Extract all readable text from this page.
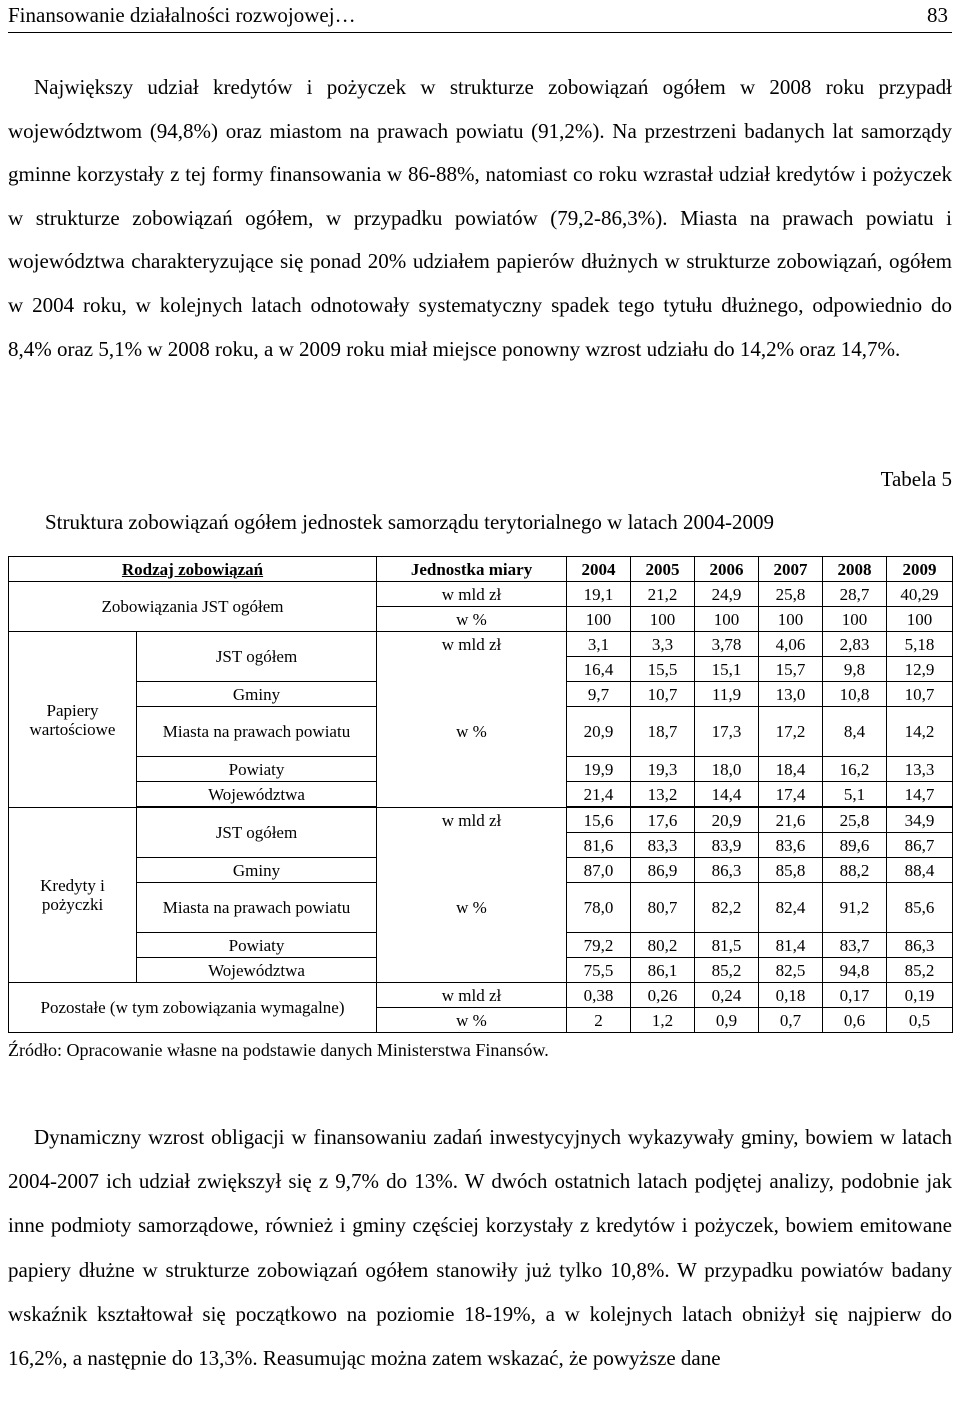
Finansowanie działalności rozwojowej…	83

Największy udział kredytów i pożyczek w strukturze zobowiązań ogółem w 2008 roku przypadł województwom (94,8%) oraz miastom na prawach powiatu (91,2%). Na przestrzeni badanych lat samorządy gminne korzystały z tej formy finansowania w 86-88%, natomiast co roku wzrastał udział kredytów i pożyczek w strukturze zobowiązań ogółem, w przypadku powiatów (79,2-86,3%). Miasta na prawach powiatu i województwa charakteryzujące się ponad 20% udziałem papierów dłużnych w strukturze zobowiązań, ogółem w 2004 roku, w kolejnych latach odnotowały systematyczny spadek tego tytułu dłużnego, odpowiednio do 8,4% oraz 5,1% w 2008 roku, a w 2009 roku miał miejsce ponowny wzrost udziału do 14,2% oraz 14,7%.

Tabela 5
Struktura zobowiązań ogółem jednostek samorządu terytorialnego w latach 2004-2009
Rodzaj zobowiązań		Jednostka miary	2004	2005	2006	2007	2008	2009
Zobowiązania JST ogółem		w mld zł	19,1	21,2	24,9	25,8	28,7	40,29
		w %	100	100	100	100	100	100
Papiery wartościowe	JST ogółem	w mld zł	3,1	3,3	3,78	4,06	2,83	5,18
		w %	16,4	15,5	15,1	15,7	9,8	12,9
	Gminy		9,7	10,7	11,9	13,0	10,8	10,7
	Miasta na prawach powiatu		20,9	18,7	17,3	17,2	8,4	14,2
	Powiaty		19,9	19,3	18,0	18,4	16,2	13,3
	Województwa		21,4	13,2	14,4	17,4	5,1	14,7

Kredyty i pożyczki	JST ogółem	w mld zł	15,6	17,6	20,9	21,6	25,8	34,9
		w %	81,6	83,3	83,9	83,6	89,6	86,7
	Gminy		87,0	86,9	86,3	85,8	88,2	88,4
	Miasta na prawach powiatu		78,0	80,7	82,2	82,4	91,2	85,6
	Powiaty		79,2	80,2	81,5	81,4	83,7	86,3
	Województwa		75,5	86,1	85,2	82,5	94,8	85,2
Pozostałe (w tym zobowiązania wymagalne)		w mld zł	0,38	0,26	0,24	0,18	0,17	0,19
		w %	2	1,2	0,9	0,7	0,6	0,5
Źródło: Opracowanie własne na podstawie danych Ministerstwa Finansów.

Dynamiczny wzrost obligacji w finansowaniu zadań inwestycyjnych wykazywały gminy, bowiem w latach 2004-2007 ich udział zwiększył się z 9,7% do 13%. W dwóch ostatnich latach podjętej analizy, podobnie jak inne podmioty samorządowe, również i gminy częściej korzystały z kredytów i pożyczek, bowiem emitowane papiery dłużne w strukturze zobowiązań ogółem stanowiły już tylko 10,8%. W przypadku powiatów badany wskaźnik kształtował się początkowo na poziomie 18-19%, a w kolejnych latach obniżył się najpierw do 16,2%, a następnie do 13,3%. Reasumując można zatem wskazać, że powyższe dane
